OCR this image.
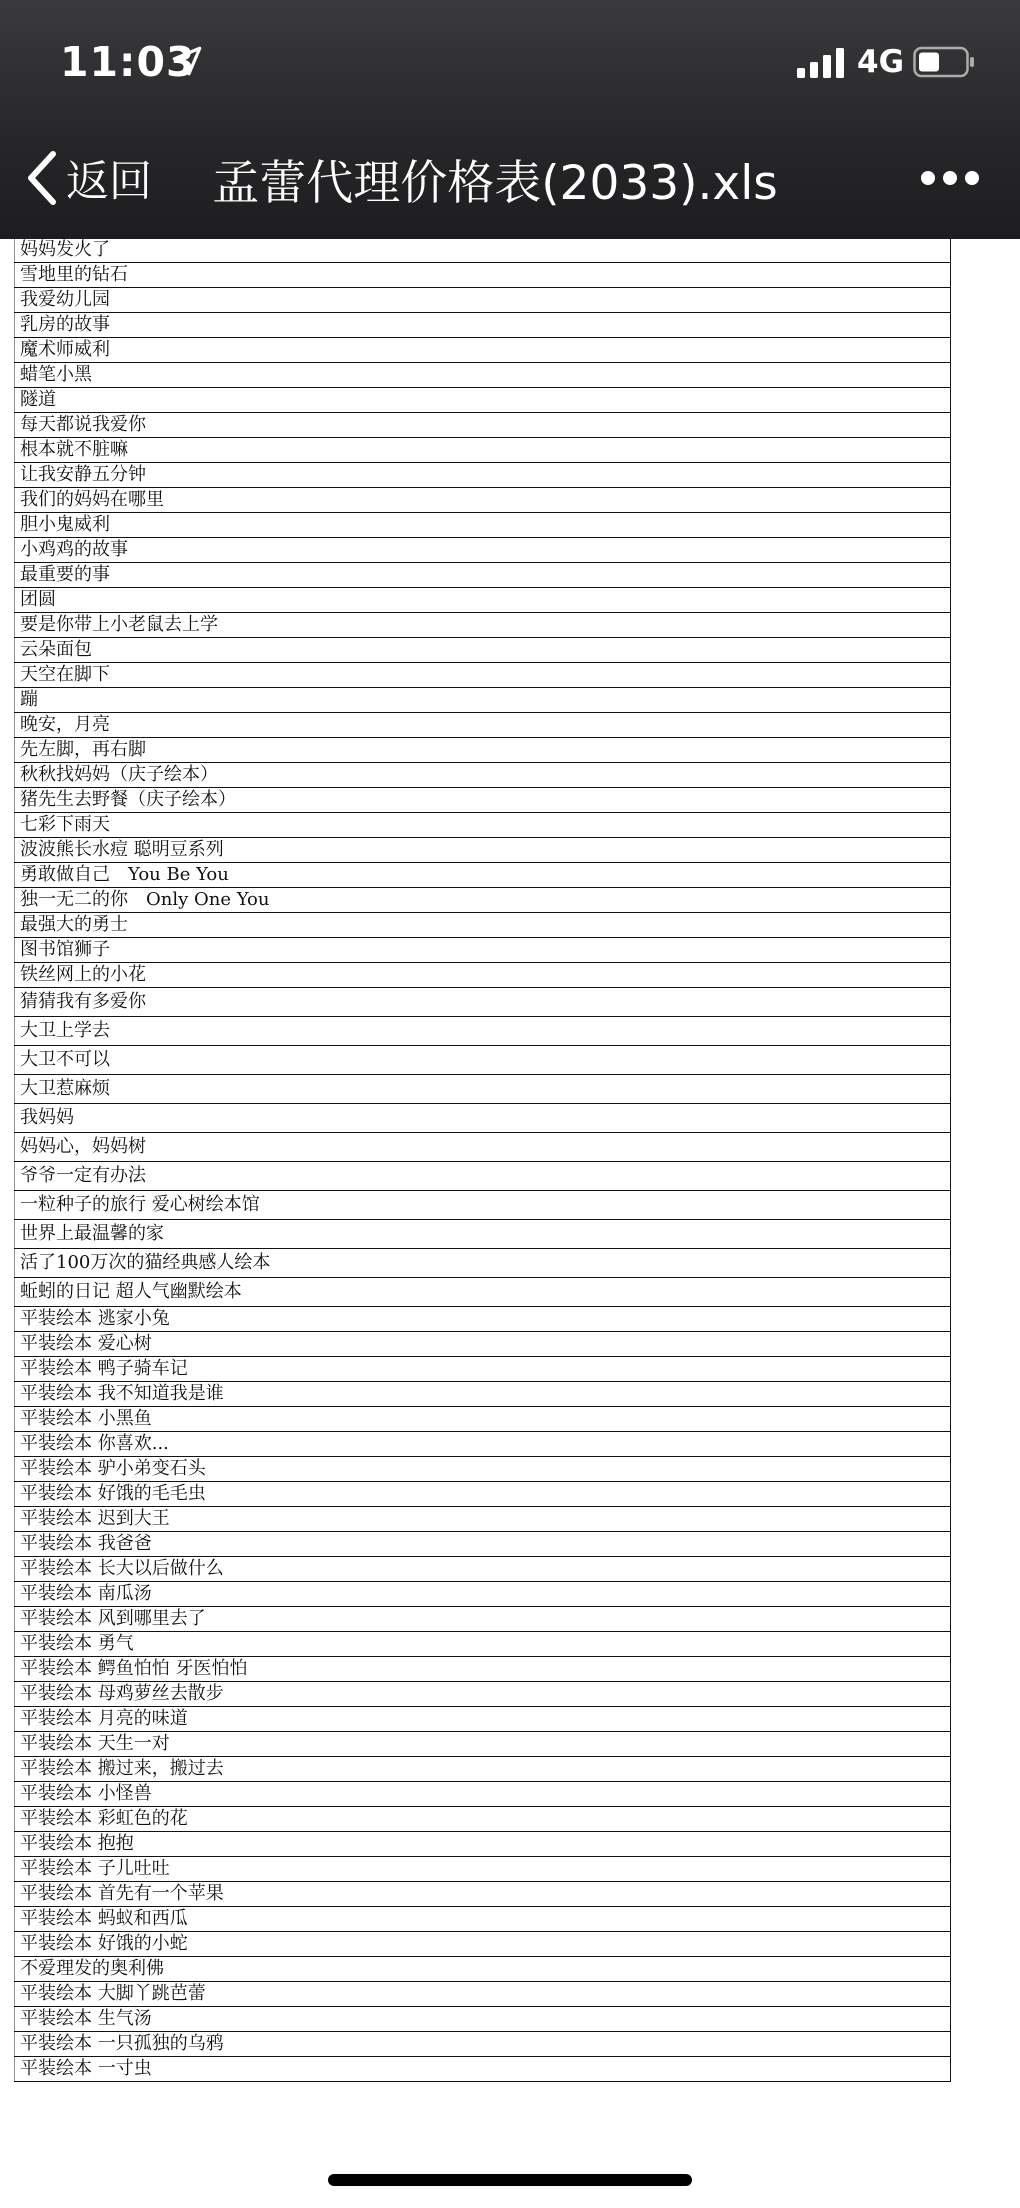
11:03	4G
返回	孟蕾代理价格表(2033).xls

妈妈发火了
雪地里的钻石
我爱幼儿园
乳房的故事
魔术师威利
蜡笔小黑
隧道
每天都说我爱你
根本就不脏嘛
让我安静五分钟
我们的妈妈在哪里
胆小鬼威利
小鸡鸡的故事
最重要的事
团圆
要是你带上小老鼠去上学
云朵面包
天空在脚下
蹦
晚安，月亮
先左脚，再右脚
秋秋找妈妈（庆子绘本）
猪先生去野餐（庆子绘本）
七彩下雨天
波波熊长水痘 聪明豆系列
勇敢做自己　You Be You
独一无二的你　Only One You
最强大的勇士
图书馆狮子
铁丝网上的小花
猜猜我有多爱你
大卫上学去
大卫不可以
大卫惹麻烦
我妈妈
妈妈心，妈妈树
爷爷一定有办法
一粒种子的旅行 爱心树绘本馆
世界上最温馨的家
活了100万次的猫经典感人绘本
蚯蚓的日记 超人气幽默绘本
平装绘本 逃家小兔
平装绘本 爱心树
平装绘本 鸭子骑车记
平装绘本 我不知道我是谁
平装绘本 小黑鱼
平装绘本 你喜欢...
平装绘本 驴小弟变石头
平装绘本 好饿的毛毛虫
平装绘本 迟到大王
平装绘本 我爸爸
平装绘本 长大以后做什么
平装绘本 南瓜汤
平装绘本 风到哪里去了
平装绘本 勇气
平装绘本 鳄鱼怕怕 牙医怕怕
平装绘本 母鸡萝丝去散步
平装绘本 月亮的味道
平装绘本 天生一对
平装绘本 搬过来，搬过去
平装绘本 小怪兽
平装绘本 彩虹色的花
平装绘本 抱抱
平装绘本 子儿吐吐
平装绘本 首先有一个苹果
平装绘本 蚂蚁和西瓜
平装绘本 好饿的小蛇
不爱理发的奥利佛
平装绘本 大脚丫跳芭蕾
平装绘本 生气汤
平装绘本 一只孤独的乌鸦
平装绘本 一寸虫
